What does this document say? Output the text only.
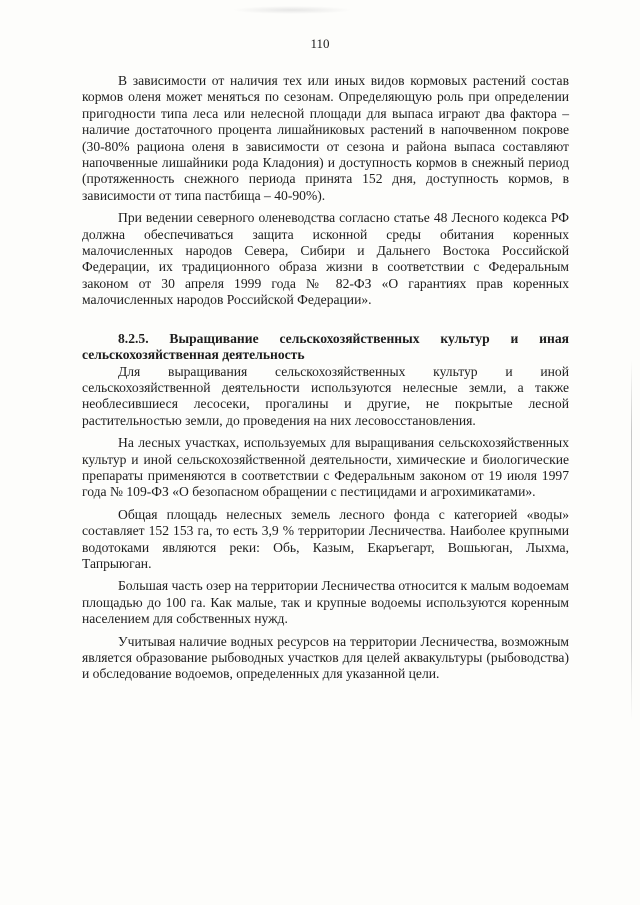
110

В зависимости от наличия тех или иных видов кормовых растений состав кормов оленя может меняться по сезонам. Определяющую роль при определении пригодности типа леса или нелесной площади для выпаса играют два фактора – наличие достаточного процента лишайниковых растений в напочвенном покрове (30-80% рациона оленя в зависимости от сезона и района выпаса составляют напочвенные лишайники рода Кладония) и доступность кормов в снежный период (протяженность снежного периода принята 152 дня, доступность кормов, в зависимости от типа пастбища – 40-90%).

При ведении северного оленеводства согласно статье 48 Лесного кодекса РФ должна обеспечиваться защита исконной среды обитания коренных малочисленных народов Севера, Сибири и Дальнего Востока Российской Федерации, их традиционного образа жизни в соответствии с Федеральным законом от 30 апреля 1999 года № 82-ФЗ «О гарантиях прав коренных малочисленных народов Российской Федерации».

8.2.5. Выращивание сельскохозяйственных культур и иная сельскохозяйственная деятельность

Для выращивания сельскохозяйственных культур и иной сельскохозяйственной деятельности используются нелесные земли, а также необлесившиеся лесосеки, прогалины и другие, не покрытые лесной растительностью земли, до проведения на них лесовосстановления.

На лесных участках, используемых для выращивания сельскохозяйственных культур и иной сельскохозяйственной деятельности, химические и биологические препараты применяются в соответствии с Федеральным законом от 19 июля 1997 года № 109-ФЗ «О безопасном обращении с пестицидами и агрохимикатами».

Общая площадь нелесных земель лесного фонда с категорией «воды» составляет 152 153 га, то есть 3,9 % территории Лесничества. Наиболее крупными водотоками являются реки: Обь, Казым, Екаръегарт, Вошьюган, Лыхма, Тапрыюган.

Большая часть озер на территории Лесничества относится к малым водоемам площадью до 100 га. Как малые, так и крупные водоемы используются коренным населением для собственных нужд.

Учитывая наличие водных ресурсов на территории Лесничества, возможным является образование рыбоводных участков для целей аквакультуры (рыбоводства) и обследование водоемов, определенных для указанной цели.
